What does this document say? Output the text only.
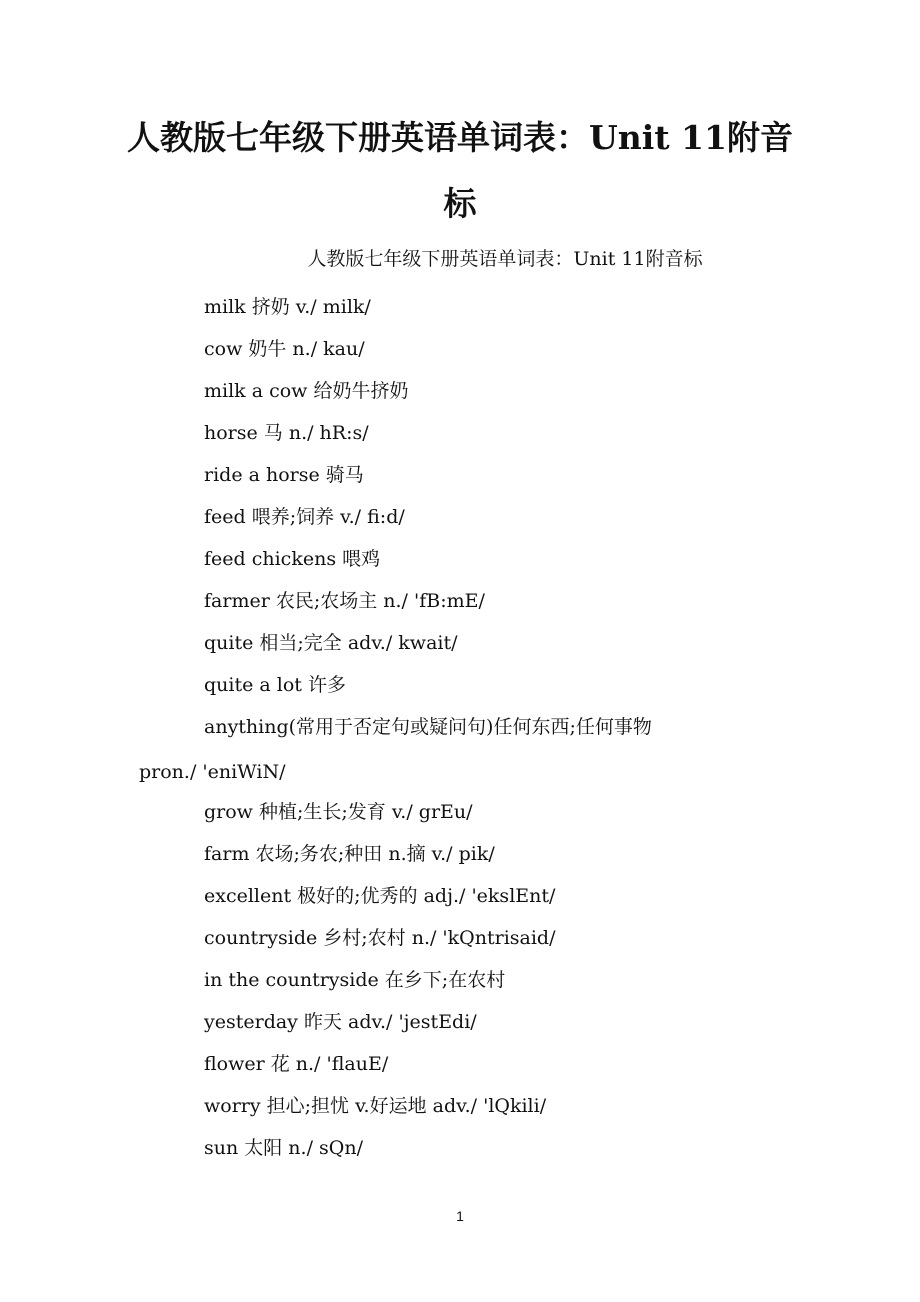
人教版七年级下册英语单词表：Unit 11附音标
人教版七年级下册英语单词表：Unit 11附音标
milk 挤奶 v./ milk/
cow 奶牛 n./ kau/
milk a cow 给奶牛挤奶
horse 马 n./ hR:s/
ride a horse 骑马
feed 喂养;饲养 v./ fi:d/
feed chickens 喂鸡
farmer 农民;农场主 n./ 'fB:mE/
quite 相当;完全 adv./ kwait/
quite a lot 许多
anything(常用于否定句或疑问句)任何东西;任何事物
pron./ 'eniWiN/
grow 种植;生长;发育 v./ grEu/
farm 农场;务农;种田 n.摘 v./ pik/
excellent 极好的;优秀的 adj./ 'ekslEnt/
countryside 乡村;农村 n./ 'kQntrisaid/
in the countryside 在乡下;在农村
yesterday 昨天 adv./ 'jestEdi/
flower 花 n./ 'flauE/
worry 担心;担忧 v.好运地 adv./ 'lQkili/
sun 太阳 n./ sQn/
1
